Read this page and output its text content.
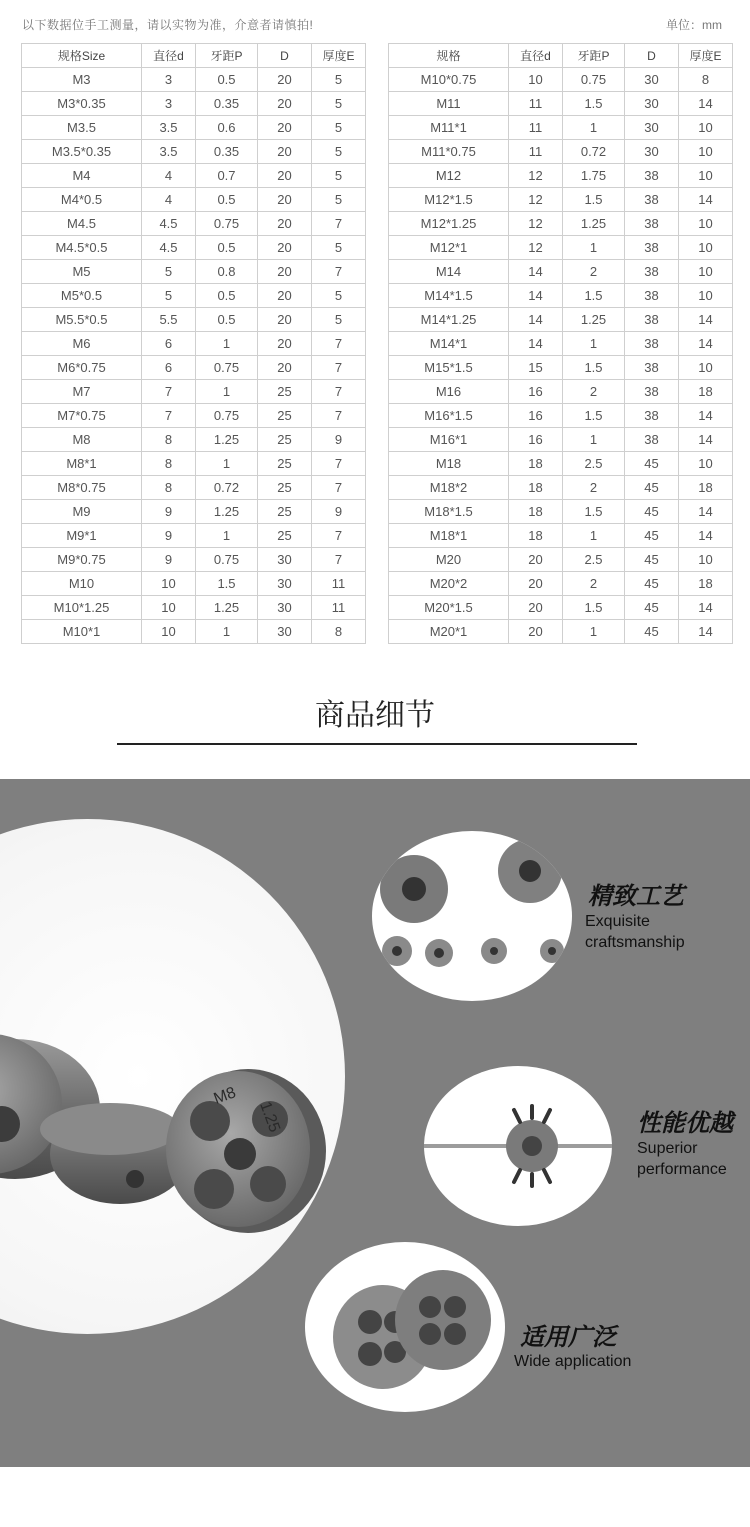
以下数据位手工测量，请以实物为准，介意者请慎拍!	单位：mm
规格Size	直径d	牙距P	D	厚度E
M3	3	0.5	20	5
M3*0.35	3	0.35	20	5
M3.5	3.5	0.6	20	5
M3.5*0.35	3.5	0.35	20	5
M4	4	0.7	20	5
M4*0.5	4	0.5	20	5
M4.5	4.5	0.75	20	7
M4.5*0.5	4.5	0.5	20	5
M5	5	0.8	20	7
M5*0.5	5	0.5	20	5
M5.5*0.5	5.5	0.5	20	5
M6	6	1	20	7
M6*0.75	6	0.75	20	7
M7	7	1	25	7
M7*0.75	7	0.75	25	7
M8	8	1.25	25	9
M8*1	8	1	25	7
M8*0.75	8	0.72	25	7
M9	9	1.25	25	9
M9*1	9	1	25	7
M9*0.75	9	0.75	30	7
M10	10	1.5	30	11
M10*1.25	10	1.25	30	11
M10*1	10	1	30	8
规格	直径d	牙距P	D	厚度E
M10*0.75	10	0.75	30	8
M11	11	1.5	30	14
M11*1	11	1	30	10
M11*0.75	11	0.72	30	10
M12	12	1.75	38	10
M12*1.5	12	1.5	38	14
M12*1.25	12	1.25	38	10
M12*1	12	1	38	10
M14	14	2	38	10
M14*1.5	14	1.5	38	10
M14*1.25	14	1.25	38	14
M14*1	14	1	38	14
M15*1.5	15	1.5	38	10
M16	16	2	38	18
M16*1.5	16	1.5	38	14
M16*1	16	1	38	14
M18	18	2.5	45	10
M18*2	18	2	45	18
M18*1.5	18	1.5	45	14
M18*1	18	1	45	14
M20	20	2.5	45	10
M20*2	20	2	45	18
M20*1.5	20	1.5	45	14
M20*1	20	1	45	14
商品细节
M8
1.25
精致工艺
Exquisite craftsmanship
性能优越
Superior performance
适用广泛
Wide application
